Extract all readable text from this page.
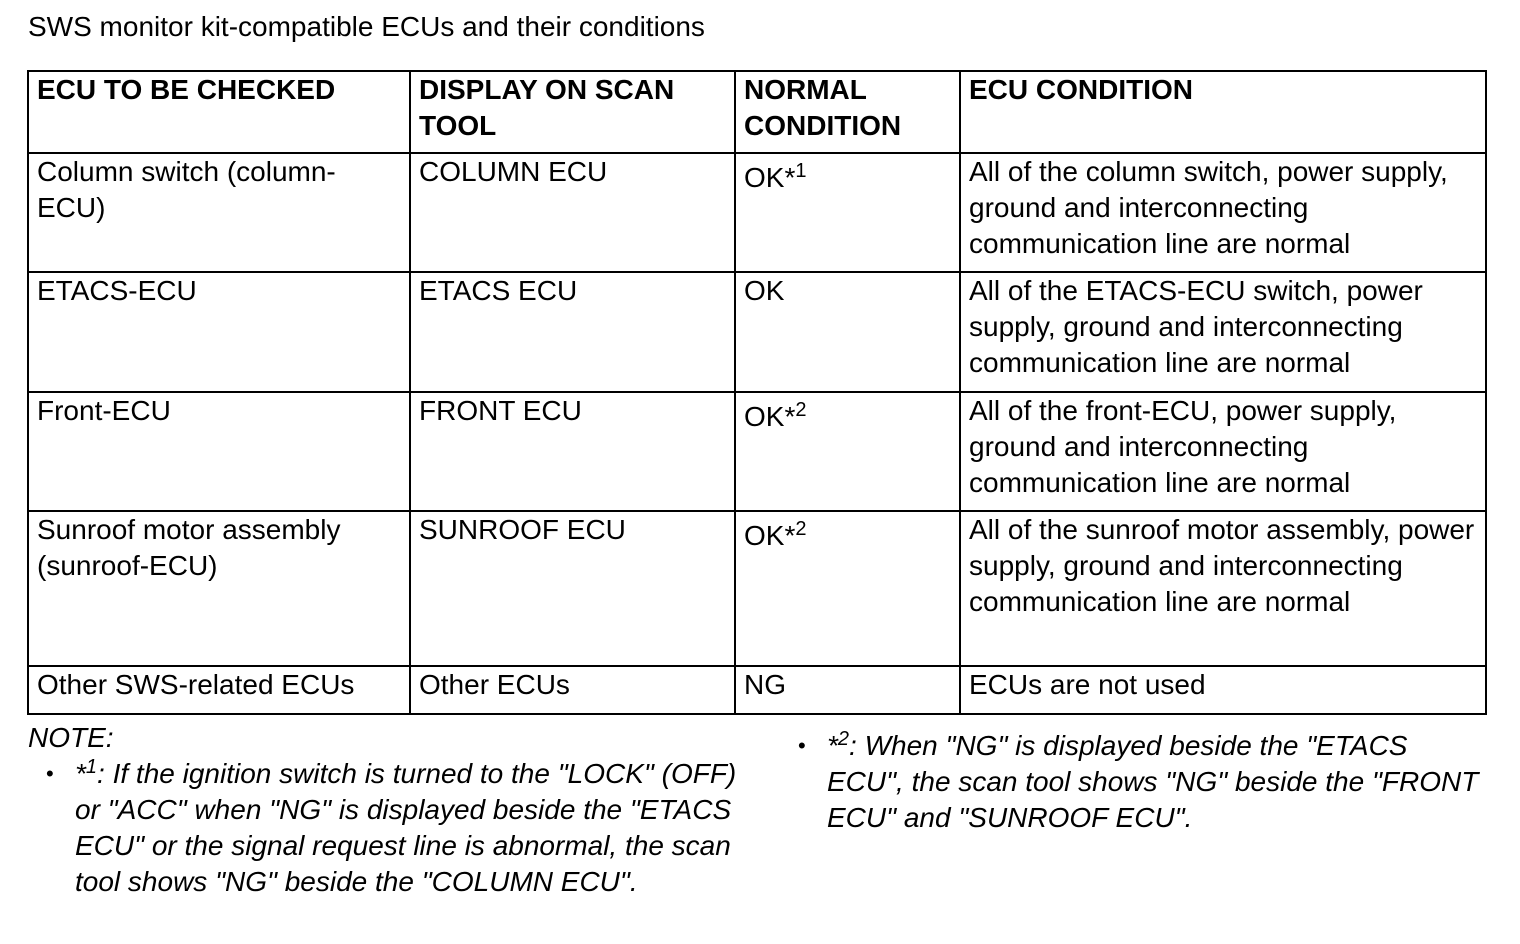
SWS monitor kit-compatible ECUs and their conditions
ECU TO BE CHECKED	DISPLAY ON SCAN TOOL	NORMAL CONDITION	ECU CONDITION
Column switch (column-ECU)	COLUMN ECU	OK*$^1$	All of the column switch, power supply, ground and interconnecting communication line are normal
ETACS-ECU	ETACS ECU	OK	All of the ETACS-ECU switch, power supply, ground and interconnecting communication line are normal
Front-ECU	FRONT ECU	OK*$^2$	All of the front-ECU, power supply, ground and interconnecting communication line are normal
Sunroof motor assembly (sunroof-ECU)	SUNROOF ECU	OK*$^2$	All of the sunroof motor assembly, power supply, ground and interconnecting communication line are normal
Other SWS-related ECUs	Other ECUs	NG	ECUs are not used
NOTE:
• *$^1$: If the ignition switch is turned to the "LOCK" (OFF) or "ACC" when "NG" is displayed beside the "ETACS ECU" or the signal request line is abnormal, the scan tool shows "NG" beside the "COLUMN ECU".
• *$^2$: When "NG" is displayed beside the "ETACS ECU", the scan tool shows "NG" beside the "FRONT ECU" and "SUNROOF ECU".
